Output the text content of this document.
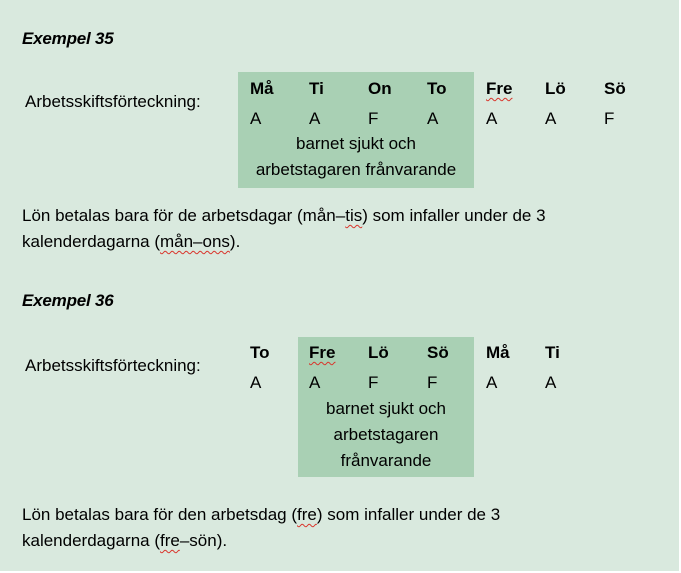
Exempel 35
Arbetsskiftsförteckning:
Må Ti	On To Fre Lö Sö
A	A	F	A	A	A	F
barnet sjukt och
arbetstagaren frånvarande
Lön betalas bara för de arbetsdagar (mån–tis) som infaller under de 3
kalenderdagarna (mån–ons).
Exempel 36
Arbetsskiftsförteckning:
To Fre Lö Sö Må Ti
A	A	F	F	A	A
barnet sjukt och
arbetstagaren
frånvarande
Lön betalas bara för den arbetsdag (fre) som infaller under de 3
kalenderdagarna (fre–sön).
